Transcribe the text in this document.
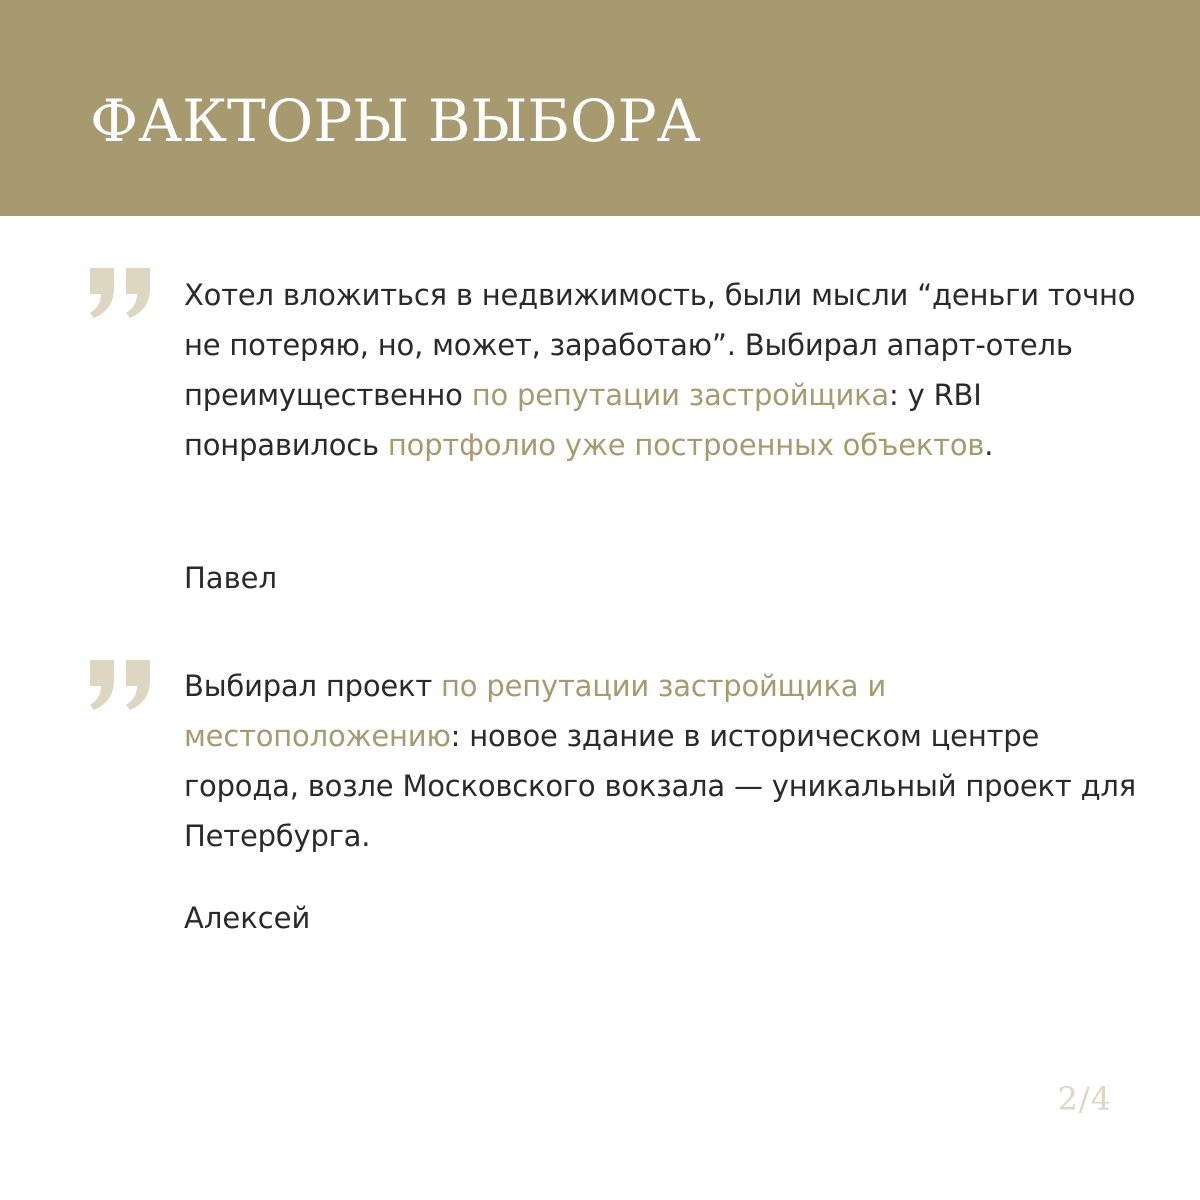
ФАКТОРЫ ВЫБОРА

Хотел вложиться в недвижимость, были мысли “деньги точно не потеряю, но, может, заработаю”. Выбирал апарт-отель преимущественно по репутации застройщика: у RBI понравилось портфолио уже построенных объектов.

Павел

Выбирал проект по репутации застройщика и местоположению: новое здание в историческом центре города, возле Московского вокзала — уникальный проект для Петербурга.

Алексей

2/4
